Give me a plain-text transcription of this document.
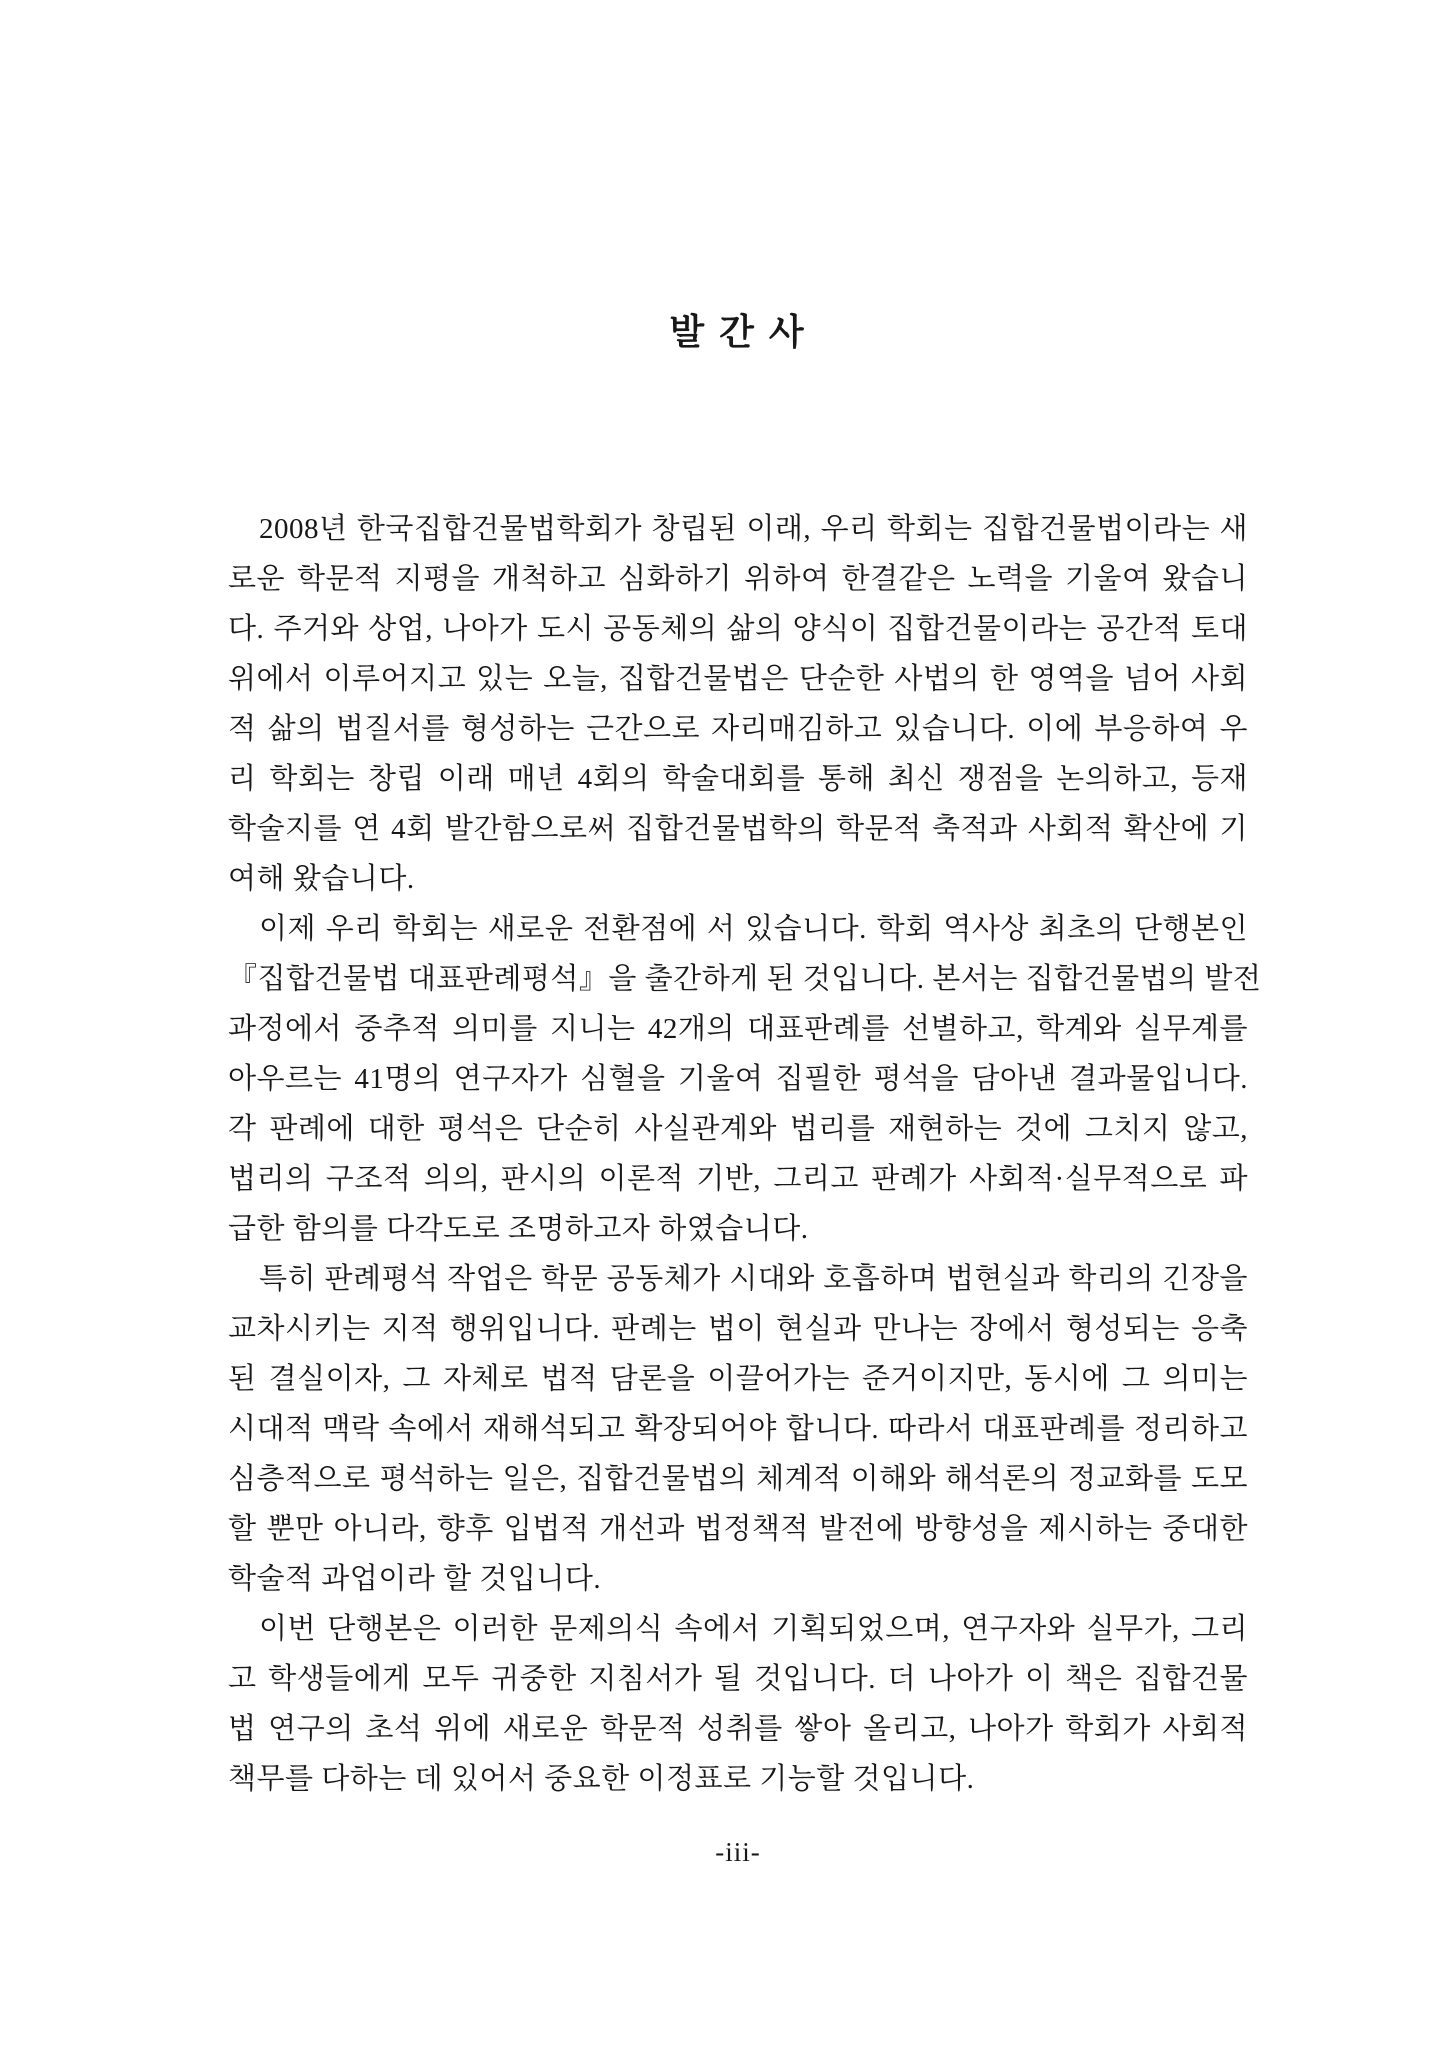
발 간 사

2008년 한국집합건물법학회가 창립된 이래, 우리 학회는 집합건물법이라는 새
로운 학문적 지평을 개척하고 심화하기 위하여 한결같은 노력을 기울여 왔습니
다. 주거와 상업, 나아가 도시 공동체의 삶의 양식이 집합건물이라는 공간적 토대
위에서 이루어지고 있는 오늘, 집합건물법은 단순한 사법의 한 영역을 넘어 사회
적 삶의 법질서를 형성하는 근간으로 자리매김하고 있습니다. 이에 부응하여 우
리 학회는 창립 이래 매년 4회의 학술대회를 통해 최신 쟁점을 논의하고, 등재
학술지를 연 4회 발간함으로써 집합건물법학의 학문적 축적과 사회적 확산에 기
여해 왔습니다.

이제 우리 학회는 새로운 전환점에 서 있습니다. 학회 역사상 최초의 단행본인
『집합건물법 대표판례평석』을 출간하게 된 것입니다. 본서는 집합건물법의 발전
과정에서 중추적 의미를 지니는 42개의 대표판례를 선별하고, 학계와 실무계를
아우르는 41명의 연구자가 심혈을 기울여 집필한 평석을 담아낸 결과물입니다.
각 판례에 대한 평석은 단순히 사실관계와 법리를 재현하는 것에 그치지 않고,
법리의 구조적 의의, 판시의 이론적 기반, 그리고 판례가 사회적·실무적으로 파
급한 함의를 다각도로 조명하고자 하였습니다.

특히 판례평석 작업은 학문 공동체가 시대와 호흡하며 법현실과 학리의 긴장을
교차시키는 지적 행위입니다. 판례는 법이 현실과 만나는 장에서 형성되는 응축
된 결실이자, 그 자체로 법적 담론을 이끌어가는 준거이지만, 동시에 그 의미는
시대적 맥락 속에서 재해석되고 확장되어야 합니다. 따라서 대표판례를 정리하고
심층적으로 평석하는 일은, 집합건물법의 체계적 이해와 해석론의 정교화를 도모
할 뿐만 아니라, 향후 입법적 개선과 법정책적 발전에 방향성을 제시하는 중대한
학술적 과업이라 할 것입니다.

이번 단행본은 이러한 문제의식 속에서 기획되었으며, 연구자와 실무가, 그리
고 학생들에게 모두 귀중한 지침서가 될 것입니다. 더 나아가 이 책은 집합건물
법 연구의 초석 위에 새로운 학문적 성취를 쌓아 올리고, 나아가 학회가 사회적
책무를 다하는 데 있어서 중요한 이정표로 기능할 것입니다.

-iii-
